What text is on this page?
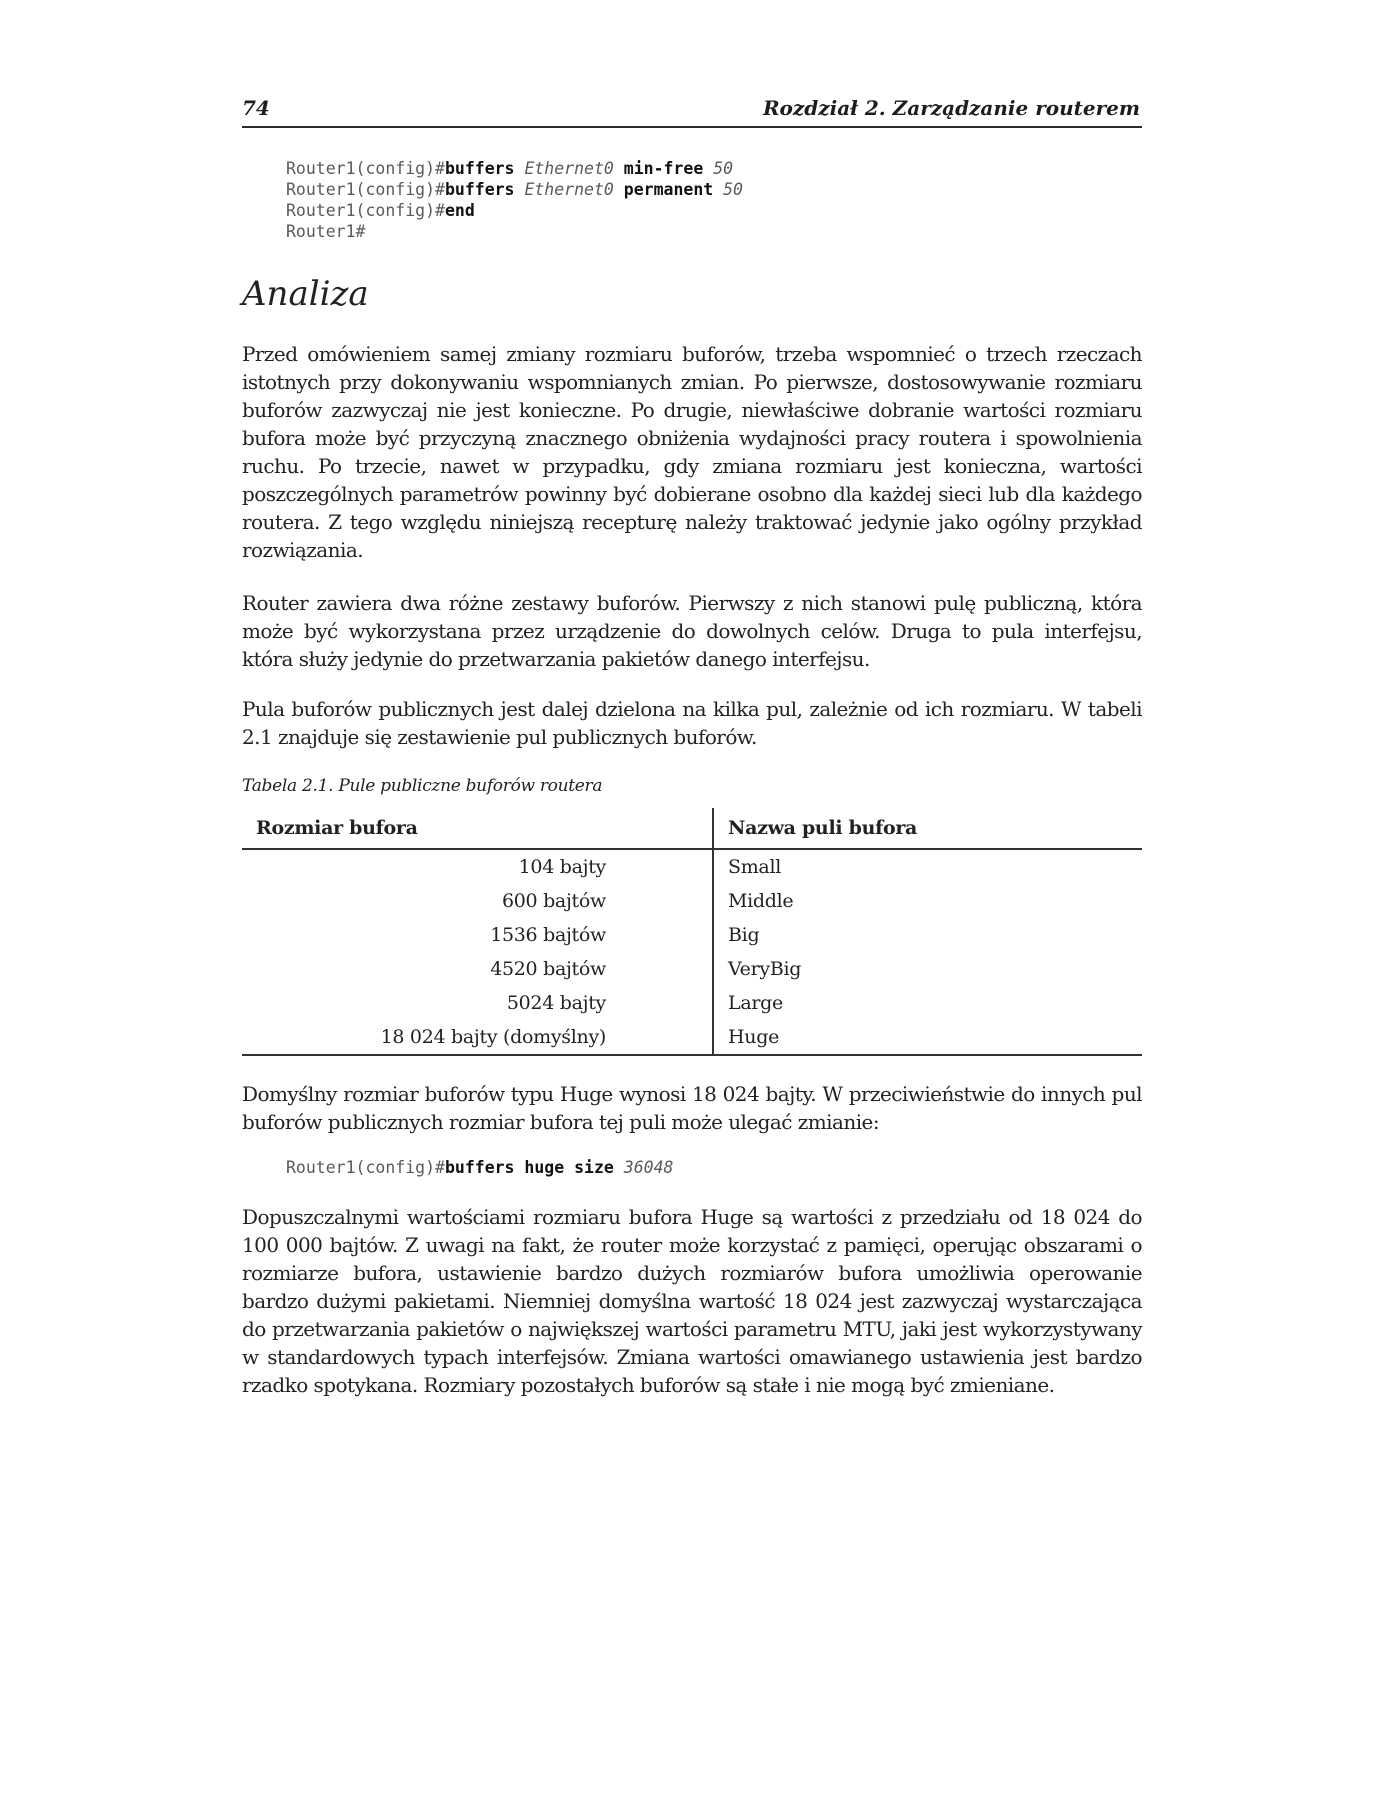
74	Rozdział 2. Zarządzanie routerem
Router1(config)#buffers Ethernet0 min-free 50
Router1(config)#buffers Ethernet0 permanent 50
Router1(config)#end
Router1#
Analiza

Przed omówieniem samej zmiany rozmiaru buforów, trzeba wspomnieć o trzech rzeczach istotnych przy dokonywaniu wspomnianych zmian. Po pierwsze, dostosowywanie rozmiaru buforów zazwyczaj nie jest konieczne. Po drugie, niewłaściwe dobranie wartości rozmiaru bufora może być przyczyną znacznego obniżenia wydajności pracy routera i spowolnienia ruchu. Po trzecie, nawet w przypadku, gdy zmiana rozmiaru jest konieczna, wartości poszczególnych parametrów powinny być dobierane osobno dla każdej sieci lub dla każdego routera. Z tego względu niniejszą recepturę należy traktować jedynie jako ogólny przykład rozwiązania.

Router zawiera dwa różne zestawy buforów. Pierwszy z nich stanowi pulę publiczną, która może być wykorzystana przez urządzenie do dowolnych celów. Druga to pula interfejsu, która służy jedynie do przetwarzania pakietów danego interfejsu.

Pula buforów publicznych jest dalej dzielona na kilka pul, zależnie od ich rozmiaru. W tabeli 2.1 znajduje się zestawienie pul publicznych buforów.

Tabela 2.1. Pule publiczne buforów routera
Rozmiar bufora	Nazwa puli bufora
104 bajty	Small
600 bajtów	Middle
1536 bajtów	Big
4520 bajtów	VeryBig
5024 bajty	Large
18 024 bajty (domyślny)	Huge

Domyślny rozmiar buforów typu Huge wynosi 18 024 bajty. W przeciwieństwie do innych pul buforów publicznych rozmiar bufora tej puli może ulegać zmianie:

Router1(config)#buffers huge size 36048

Dopuszczalnymi wartościami rozmiaru bufora Huge są wartości z przedziału od 18 024 do 100 000 bajtów. Z uwagi na fakt, że router może korzystać z pamięci, operując obszarami o rozmiarze bufora, ustawienie bardzo dużych rozmiarów bufora umożliwia operowanie bardzo dużymi pakietami. Niemniej domyślna wartość 18 024 jest zazwyczaj wystarczająca do przetwarzania pakietów o największej wartości parametru MTU, jaki jest wykorzystywany w standardowych typach interfejsów. Zmiana wartości omawianego ustawienia jest bardzo rzadko spotykana. Rozmiary pozostałych buforów są stałe i nie mogą być zmieniane.
